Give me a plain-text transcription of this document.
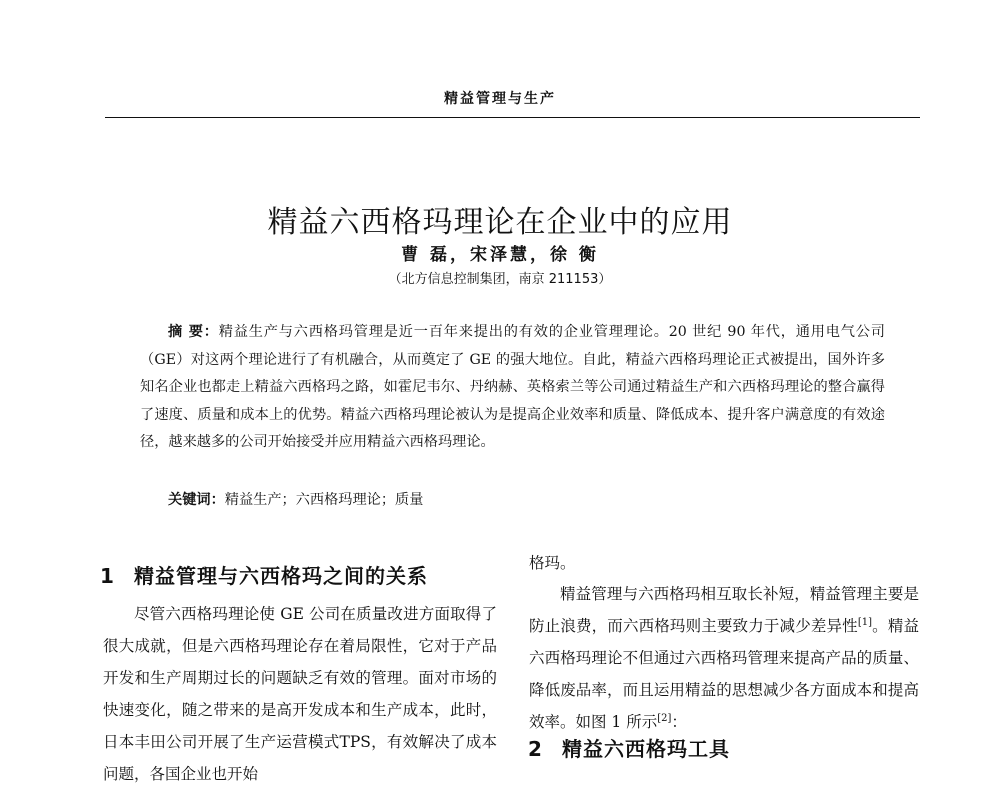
精益管理与生产
精益六西格玛理论在企业中的应用
曹 磊，宋泽慧，徐 衡
（北方信息控制集团，南京 211153）
摘 要：精益生产与六西格玛管理是近一百年来提出的有效的企业管理理论。20 世纪 90 年代，通用电气公司（GE）对这两个理论进行了有机融合，从而奠定了 GE 的强大地位。自此，精益六西格玛理论正式被提出，国外许多知名企业也都走上精益六西格玛之路，如霍尼韦尔、丹纳赫、英格索兰等公司通过精益生产和六西格玛理论的整合赢得了速度、质量和成本上的优势。精益六西格玛理论被认为是提高企业效率和质量、降低成本、提升客户满意度的有效途径，越来越多的公司开始接受并应用精益六西格玛理论。
关键词：精益生产；六西格玛理论；质量
1 精益管理与六西格玛之间的关系
尽管六西格玛理论使 GE 公司在质量改进方面取得了很大成就，但是六西格玛理论存在着局限性，它对于产品开发和生产周期过长的问题缺乏有效的管理。面对市场的快速变化，随之带来的是高开发成本和生产成本，此时，日本丰田公司开展了生产运营模式TPS，有效解决了成本问题，各国企业也开始
格玛。
精益管理与六西格玛相互取长补短，精益管理主要是防止浪费，而六西格玛则主要致力于减少差异性[1]。精益六西格玛理论不但通过六西格玛管理来提高产品的质量、降低废品率，而且运用精益的思想减少各方面成本和提高效率。如图 1 所示[2]：
2 精益六西格玛工具
